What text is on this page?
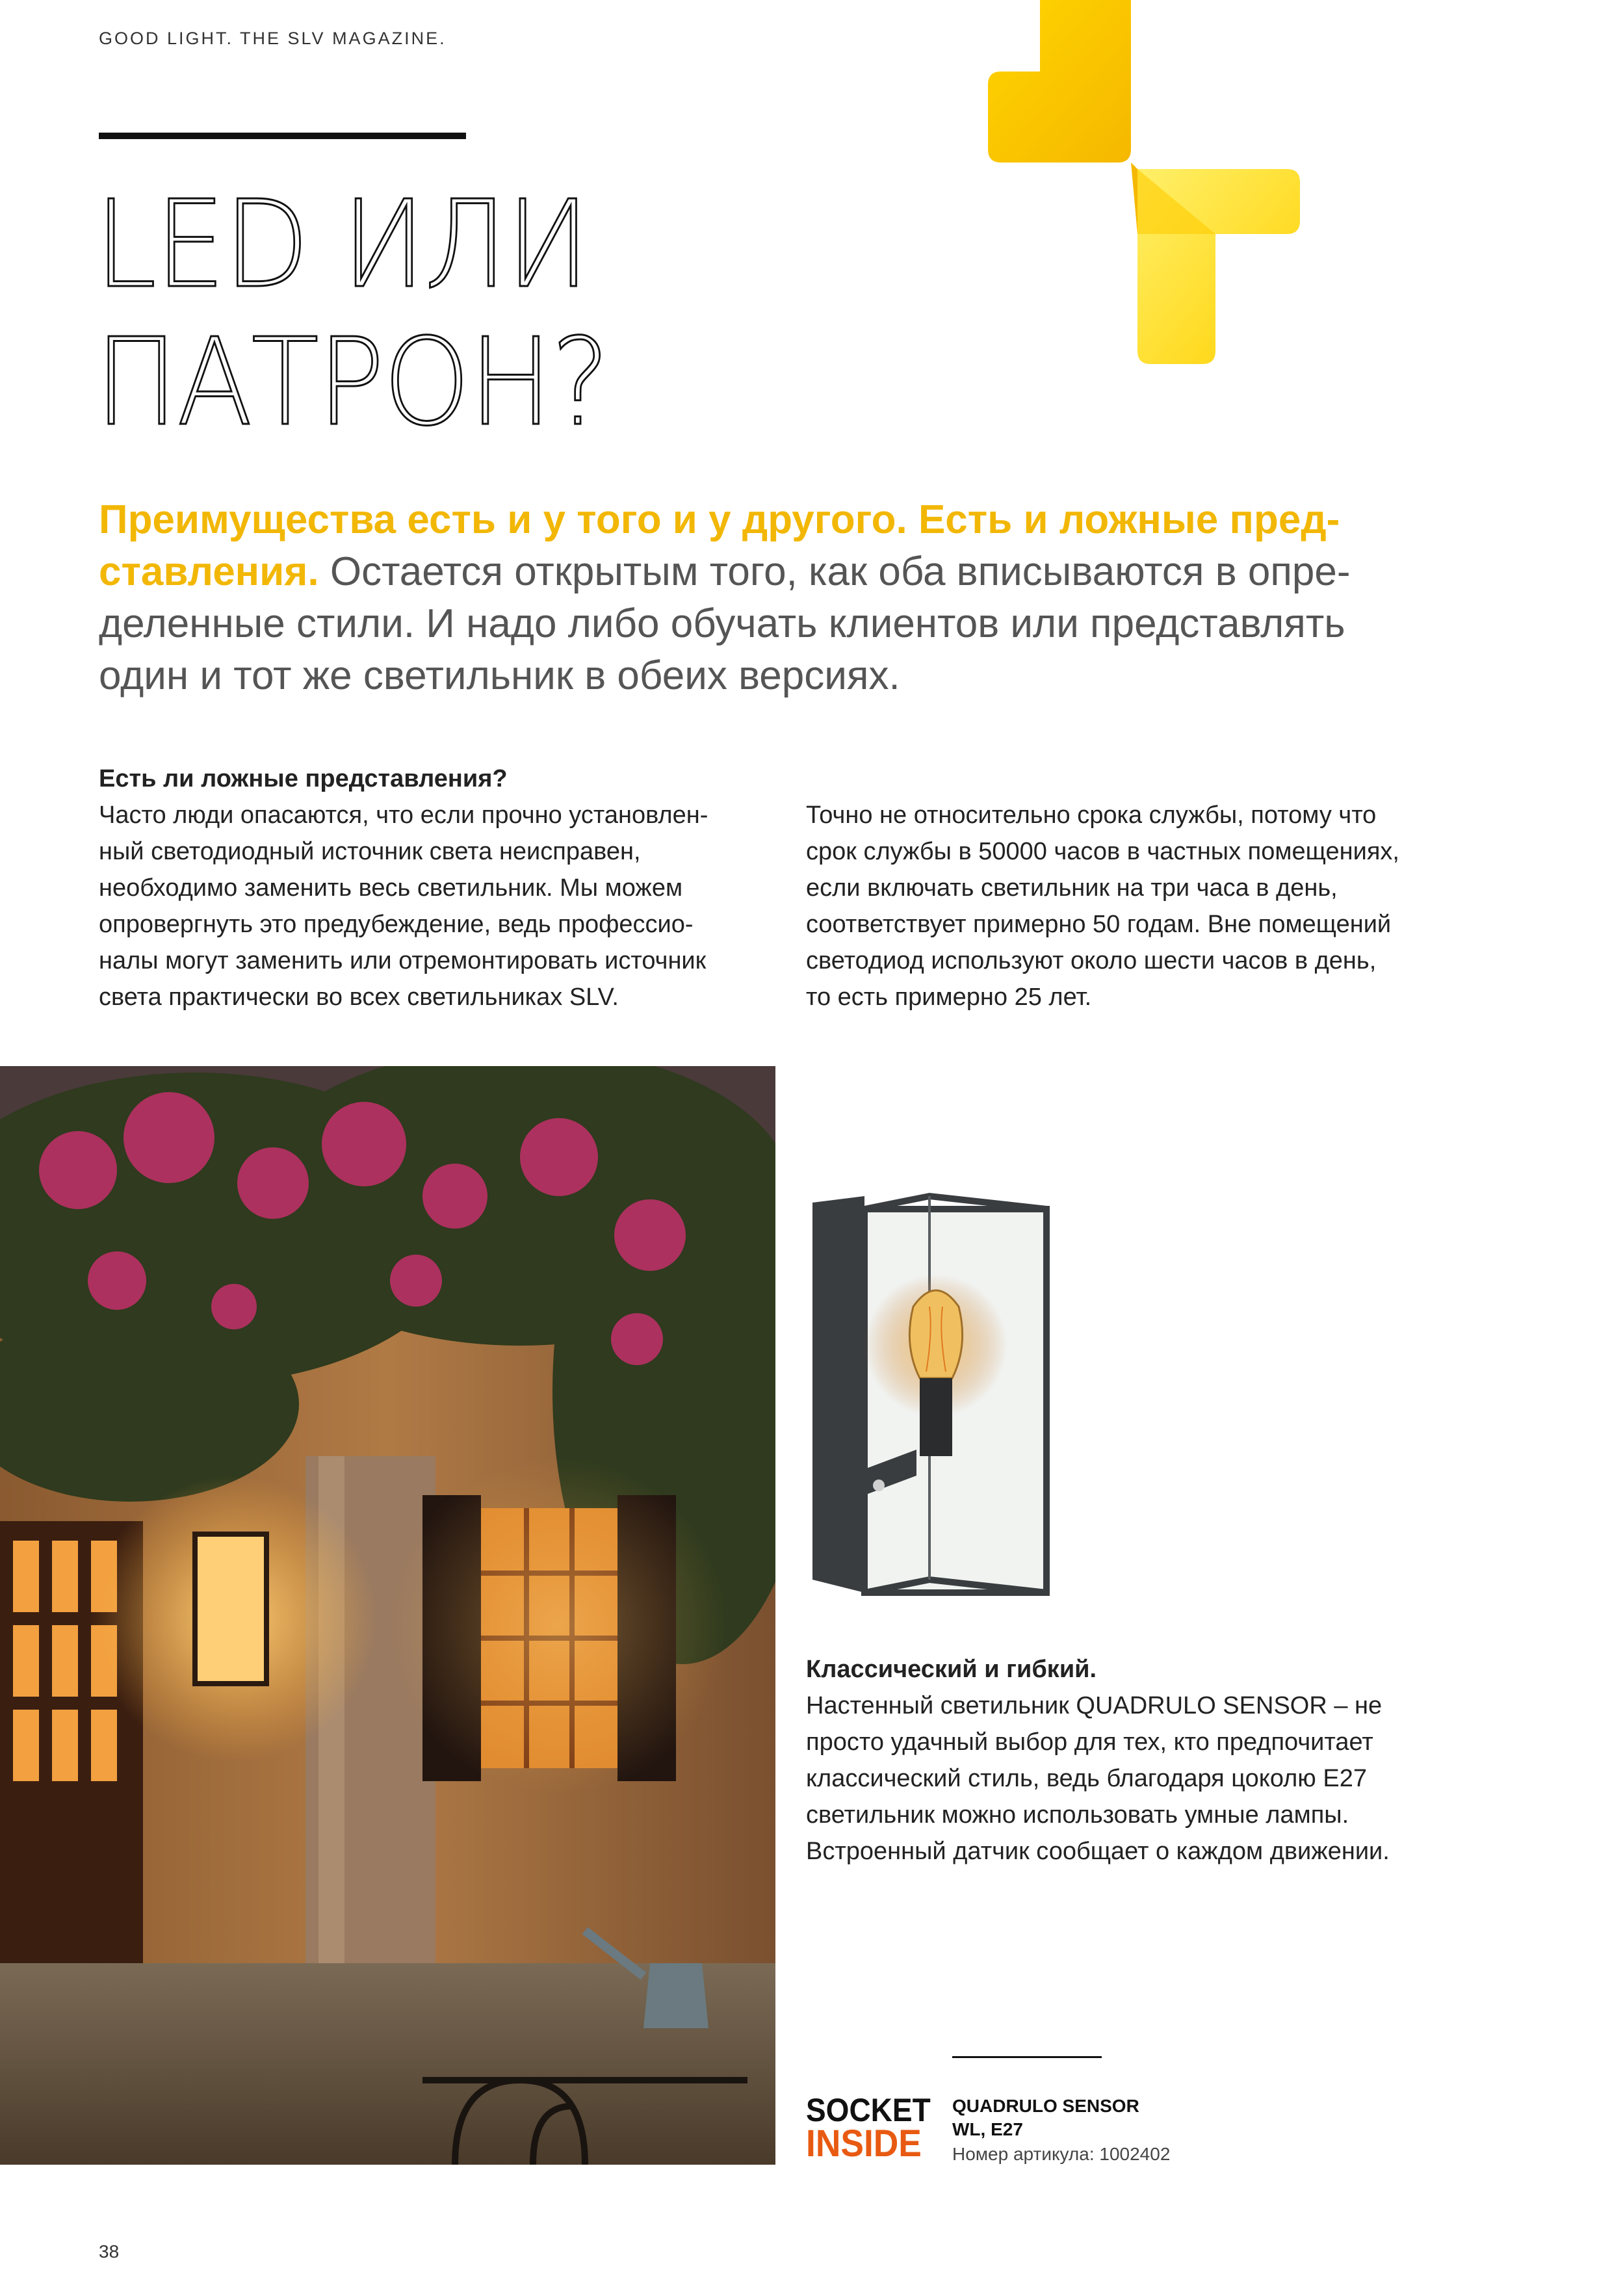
GOOD LIGHT. THE SLV MAGAZINE.
LED ИЛИ
ПАТРОН?
Преимущества есть и у того и у другого. Есть и ложные пред-
ставления. Остается открытым того, как оба вписываются в опре-
деленные стили. И надо либо обучать клиентов или представлять
один и тот же светильник в обеих версиях.
Есть ли ложные представления?
Часто люди опасаются, что если прочно установлен-
ный светодиодный источник света неисправен,
необходимо заменить весь светильник. Мы можем
опровергнуть это предубеждение, ведь профессио-
налы могут заменить или отремонтировать источник
света практически во всех светильниках SLV.
Точно не относительно срока службы, потому что
срок службы в 50000 часов в частных помещениях,
если включать светильник на три часа в день,
соответствует примерно 50 годам. Вне помещений
светодиод используют около шести часов в день,
то есть примерно 25 лет.
Классический и гибкий.
Настенный светильник QUADRULO SENSOR – не
просто удачный выбор для тех, кто предпочитает
классический стиль, ведь благодаря цоколю E27
светильник можно использовать умные лампы.
Встроенный датчик сообщает о каждом движении.
SOCKET
INSIDE
QUADRULO SENSOR
WL, E27
Номер артикула: 1002402
38
